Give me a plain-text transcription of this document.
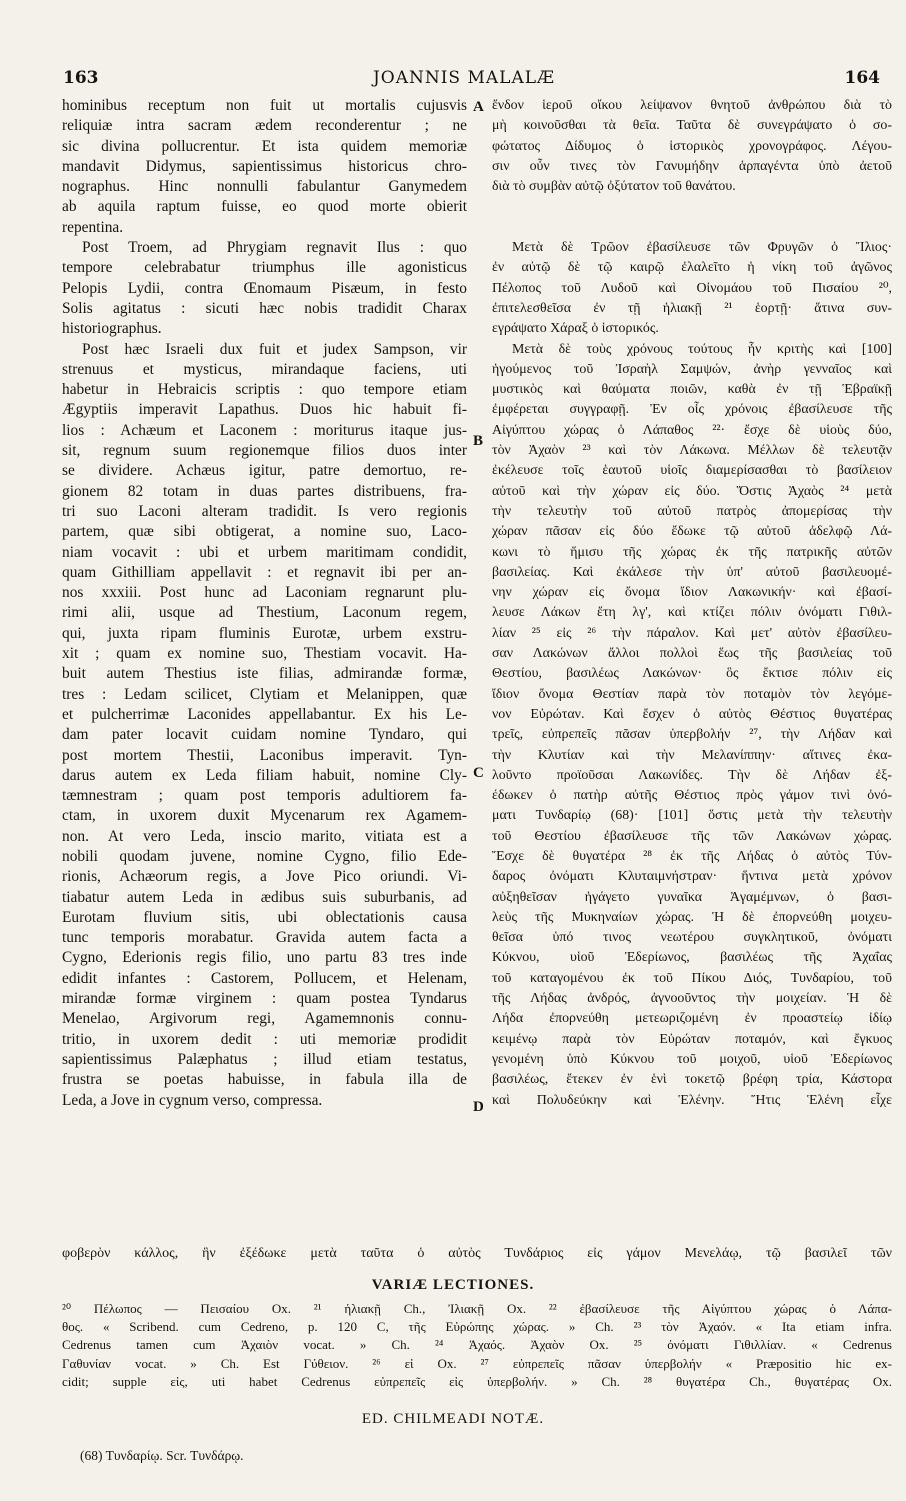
163	JOANNIS MALALÆ	164
hominibus receptum non fuit ut mortalis cujusvis
reliquiæ intra sacram ædem reconderentur ; ne
sic divina pollucrentur. Et ista quidem memoriæ
mandavit Didymus, sapientissimus historicus chro-
nographus. Hinc nonnulli fabulantur Ganymedem
ab aquila raptum fuisse, eo quod morte obierit
repentina.
Post Troem, ad Phrygiam regnavit Ilus : quo
tempore celebrabatur triumphus ille agonisticus
Pelopis Lydii, contra Œnomaum Pisæum, in festo
Solis agitatus : sicuti hæc nobis tradidit Charax
historiographus.
Post hæc Israeli dux fuit et judex Sampson, vir
strenuus et mysticus, mirandaque faciens, uti
habetur in Hebraicis scriptis : quo tempore etiam
Ægyptiis imperavit Lapathus. Duos hic habuit fi-
lios : Achæum et Laconem : moriturus itaque jus-
sit, regnum suum regionemque filios duos inter
se dividere. Achæus igitur, patre demortuo, re-
gionem 82 totam in duas partes distribuens, fra-
tri suo Laconi alteram tradidit. Is vero regionis
partem, quæ sibi obtigerat, a nomine suo, Laco-
niam vocavit : ubi et urbem maritimam condidit,
quam Githilliam appellavit : et regnavit ibi per an-
nos xxxiii. Post hunc ad Laconiam regnarunt plu-
rimi alii, usque ad Thestium, Laconum regem,
qui, juxta ripam fluminis Eurotæ, urbem exstru-
xit ; quam ex nomine suo, Thestiam vocavit. Ha-
buit autem Thestius iste filias, admirandæ formæ,
tres : Ledam scilicet, Clytiam et Melanippen, quæ
et pulcherrimæ Laconides appellabantur. Ex his Le-
dam pater locavit cuidam nomine Tyndaro, qui
post mortem Thestii, Laconibus imperavit. Tyn-
darus autem ex Leda filiam habuit, nomine Cly-
tæmnestram ; quam post temporis adultiorem fa-
ctam, in uxorem duxit Mycenarum rex Agamem-
non. At vero Leda, inscio marito, vitiata est a
nobili quodam juvene, nomine Cygno, filio Ede-
rionis, Achæorum regis, a Jove Pico oriundi. Vi-
tiabatur autem Leda in ædibus suis suburbanis, ad
Eurotam fluvium sitis, ubi oblectationis causa
tunc temporis morabatur. Gravida autem facta a
Cygno, Ederionis regis filio, uno partu 83 tres inde
edidit infantes : Castorem, Pollucem, et Helenam,
mirandæ formæ virginem : quam postea Tyndarus
Menelao, Argivorum regi, Agamemnonis connu-
tritio, in uxorem dedit : uti memoriæ prodidit
sapientissimus Palæphatus ; illud etiam testatus,
frustra se poetas habuisse, in fabula illa de
Leda, a Jove in cygnum verso, compressa.
ἔνδον ἱεροῦ οἴκου λείψανον θνητοῦ ἀνθρώπου διὰ τὸ
μὴ κοινοῦσθαι τὰ θεῖα. Ταῦτα δὲ συνεγράψατο ὁ σο-
φώτατος Δίδυμος ὁ ἱστορικὸς χρονογράφος. Λέγου-
σιν οὖν τινες τὸν Γανυμήδην ἁρπαγέντα ὑπὸ ἀετοῦ
διὰ τὸ συμβὰν αὐτῷ ὀξύτατον τοῦ θανάτου.
Μετὰ δὲ Τρῶον ἐβασίλευσε τῶν Φρυγῶν ὁ Ἴλιος·
ἐν αὐτῷ δὲ τῷ καιρῷ ἐλαλεῖτο ἡ νίκη τοῦ ἀγῶνος
Πέλοπος τοῦ Λυδοῦ καὶ Οἰνομάου τοῦ Πισαίου ²⁰,
ἐπιτελεσθεῖσα ἐν τῇ ἡλιακῇ ²¹ ἑορτῇ· ἅτινα συν-
εγράψατο Χάραξ ὁ ἱστορικός.
Μετὰ δὲ τοὺς χρόνους τούτους ἦν κριτὴς καὶ [100]
ἡγούμενος τοῦ Ἰσραὴλ Σαμψών, ἀνὴρ γενναῖος καὶ
μυστικὸς καὶ θαύματα ποιῶν, καθὰ ἐν τῇ Ἑβραϊκῇ
ἐμφέρεται συγγραφῇ. Ἐν οἷς χρόνοις ἐβασίλευσε τῆς
Αἰγύπτου χώρας ὁ Λάπαθος ²²· ἔσχε δὲ υἱοὺς δύο,
τὸν Ἀχαὸν ²³ καὶ τὸν Λάκωνα. Μέλλων δὲ τελευτᾷν
ἐκέλευσε τοῖς ἑαυτοῦ υἱοῖς διαμερίσασθαι τὸ βασίλειον
αὐτοῦ καὶ τὴν χώραν εἰς δύο. Ὅστις Ἀχαὸς ²⁴ μετὰ
τὴν τελευτὴν τοῦ αὐτοῦ πατρὸς ἀπομερίσας τὴν
χώραν πᾶσαν εἰς δύο ἔδωκε τῷ αὐτοῦ ἀδελφῷ Λά-
κωνι τὸ ἥμισυ τῆς χώρας ἐκ τῆς πατρικῆς αὐτῶν
βασιλείας. Καὶ ἐκάλεσε τὴν ὑπ' αὐτοῦ βασιλευομέ-
νην χώραν εἰς ὄνομα ἴδιον Λακωνικήν· καὶ ἐβασί-
λευσε Λάκων ἔτη λγ', καὶ κτίζει πόλιν ὀνόματι Γιθιλ-
λίαν ²⁵ εἰς ²⁶ τὴν πάραλον. Καὶ μετ' αὐτὸν ἐβασίλευ-
σαν Λακώνων ἄλλοι πολλοὶ ἕως τῆς βασιλείας τοῦ
Θεστίου, βασιλέως Λακώνων· ὃς ἔκτισε πόλιν εἰς
ἴδιον ὄνομα Θεστίαν παρὰ τὸν ποταμὸν τὸν λεγόμε-
νον Εὐρώταν. Καὶ ἔσχεν ὁ αὐτὸς Θέστιος θυγατέρας
τρεῖς, εὐπρεπεῖς πᾶσαν ὑπερβολήν ²⁷, τὴν Λήδαν καὶ
τὴν Κλυτίαν καὶ τὴν Μελανίππην· αἵτινες ἐκα-
λοῦντο προϊοῦσαι Λακωνίδες. Τὴν δὲ Λήδαν ἐξ-
έδωκεν ὁ πατὴρ αὐτῆς Θέστιος πρὸς γάμον τινὶ ὀνό-
ματι Τυνδαρίῳ (68)· [101] ὅστις μετὰ τὴν τελευτὴν
τοῦ Θεστίου ἐβασίλευσε τῆς τῶν Λακώνων χώρας.
Ἔσχε δὲ θυγατέρα ²⁸ ἐκ τῆς Λήδας ὁ αὐτὸς Τύν-
δαρος ὀνόματι Κλυταιμνήστραν· ἥντινα μετὰ χρόνον
αὐξηθεῖσαν ἠγάγετο γυναῖκα Ἀγαμέμνων, ὁ βασι-
λεὺς τῆς Μυκηναίων χώρας. Ἡ δὲ ἐπορνεύθη μοιχευ-
θεῖσα ὑπό τινος νεωτέρου συγκλητικοῦ, ὀνόματι
Κύκνου, υἱοῦ Ἐδερίωνος, βασιλέως τῆς Ἀχαΐας
τοῦ καταγομένου ἐκ τοῦ Πίκου Διός, Τυνδαρίου, τοῦ
τῆς Λήδας ἀνδρός, ἀγνοοῦντος τὴν μοιχείαν. Ἡ δὲ
Λήδα ἐπορνεύθη μετεωριζομένη ἐν προαστείῳ ἰδίῳ
κειμένῳ παρὰ τὸν Εὐρώταν ποταμόν, καὶ ἔγκυος
γενομένη ὑπὸ Κύκνου τοῦ μοιχοῦ, υἱοῦ Ἐδερίωνος
βασιλέως, ἔτεκεν ἐν ἑνὶ τοκετῷ βρέφη τρία, Κάστορα
καὶ Πολυδεύκην καὶ Ἑλένην. Ἥτις Ἑλένη εἶχε
A
B
C
D
φοβερὸν κάλλος, ἣν ἐξέδωκε μετὰ ταῦτα ὁ αὐτὸς Τυνδάριος εἰς γάμον Μενελάῳ, τῷ βασιλεῖ τῶν
VARIÆ LECTIONES.
²⁰ Πέλωπος — Πεισαίου Ox. ²¹ ἡλιακῇ Ch., Ἰλιακῇ Ox. ²² ἐβασίλευσε τῆς Αἰγύπτου χώρας ὁ Λάπα-
θος. « Scribend. cum Cedreno, p. 120 C, τῆς Εὐρώπης χώρας. » Ch. ²³ τὸν Ἀχαόν. « Ita etiam infra.
Cedrenus tamen cum Ἀχαιὸν vocat. » Ch. ²⁴ Ἀχαός. Ἀχαὸν Ox. ²⁵ ὀνόματι Γιθιλλίαν. « Cedrenus
Γαθυνίαν vocat. » Ch. Est Γύθειον. ²⁶ εἰ Ox. ²⁷ εὐπρεπεῖς πᾶσαν ὑπερβολήν « Præpositio hic ex-
cidit; supple εἰς, uti habet Cedrenus εὐπρεπεῖς εἰς ὑπερβολήν. » Ch. ²⁸ θυγατέρα Ch., θυγατέρας Ox.
ED. CHILMEADI NOTÆ.
(68) Τυνδαρίῳ. Scr. Τυνδάρῳ.
